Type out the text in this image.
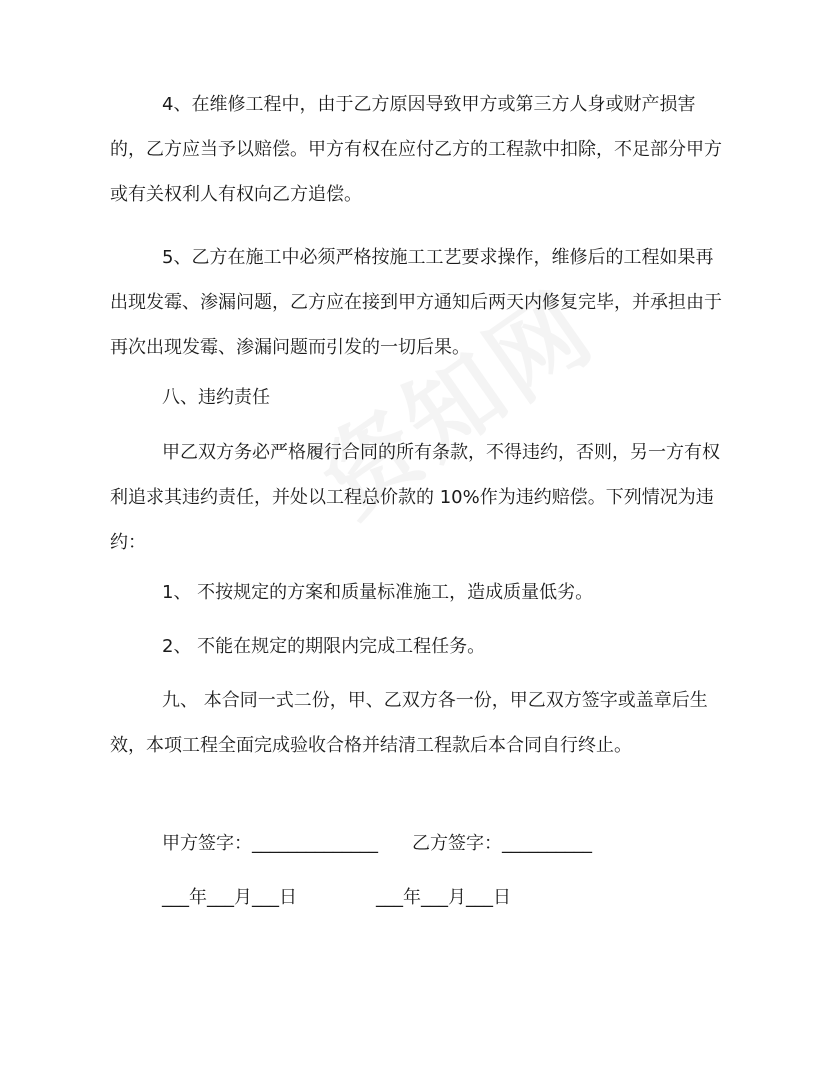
4、在维修工程中，由于乙方原因导致甲方或第三方人身或财产损害的，乙方应当予以赔偿。甲方有权在应付乙方的工程款中扣除，不足部分甲方或有关权利人有权向乙方追偿。
5、乙方在施工中必须严格按施工工艺要求操作，维修后的工程如果再出现发霉、渗漏问题，乙方应在接到甲方通知后两天内修复完毕，并承担由于再次出现发霉、渗漏问题而引发的一切后果。
八、违约责任
甲乙双方务必严格履行合同的所有条款，不得违约，否则，另一方有权利追求其违约责任，并处以工程总价款的 10%作为违约赔偿。下列情况为违约：
1、 不按规定的方案和质量标准施工，造成质量低劣。
2、 不能在规定的期限内完成工程任务。
九、 本合同一式二份，甲、乙双方各一份，甲乙双方签字或盖章后生效，本项工程全面完成验收合格并结清工程款后本合同自行终止。
甲方签字：______________ 乙方签字：__________
___年___月___日	___年___月___日
